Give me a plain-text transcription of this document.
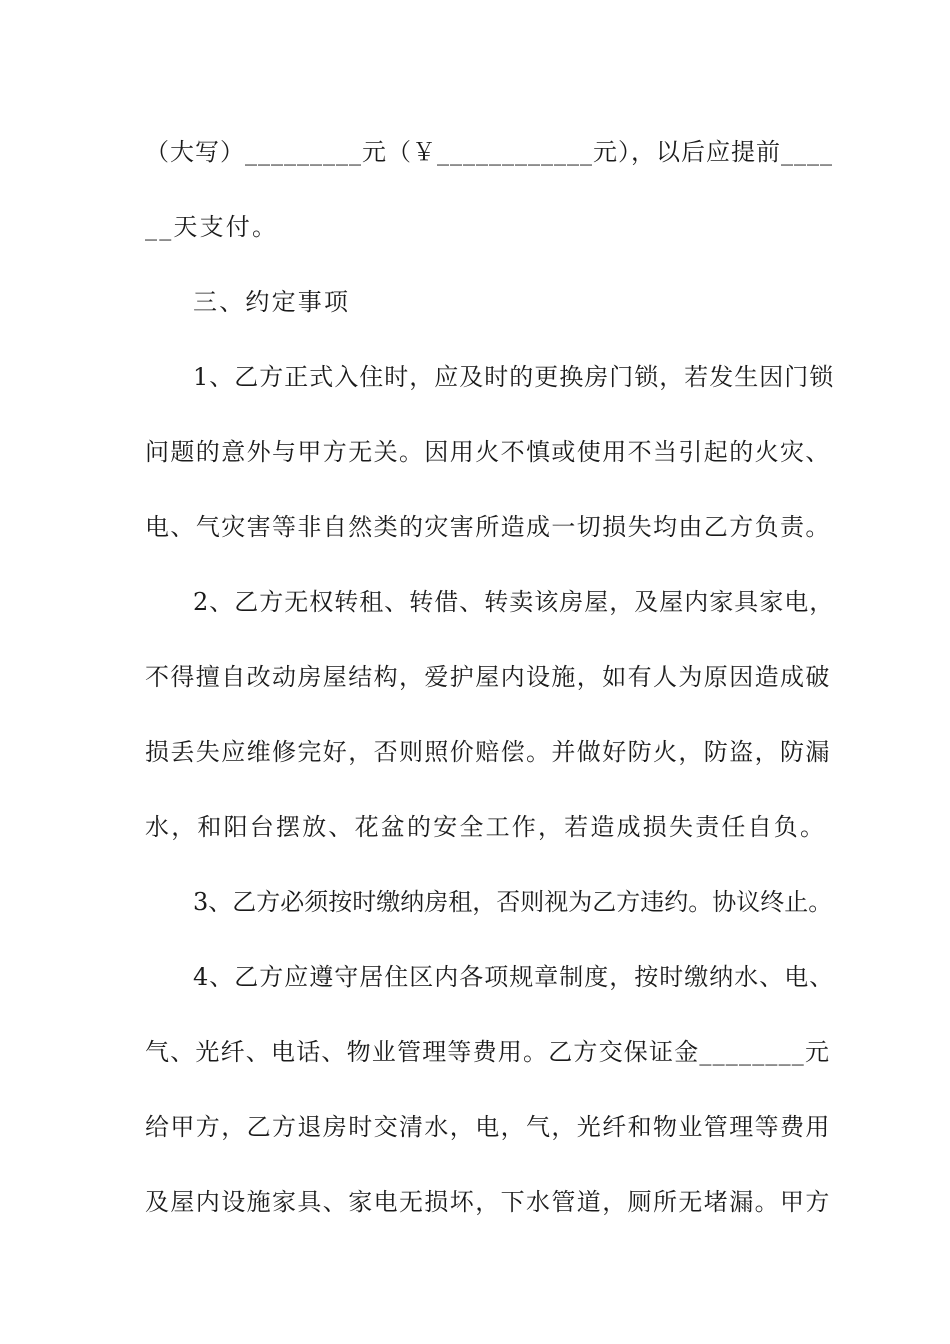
（大写）_________元（￥____________元），以后应提前____
__天支付。
三、约定事项
1、乙方正式入住时，应及时的更换房门锁，若发生因门锁
问题的意外与甲方无关。因用火不慎或使用不当引起的火灾、
电、气灾害等非自然类的灾害所造成一切损失均由乙方负责。
2、乙方无权转租、转借、转卖该房屋，及屋内家具家电，
不得擅自改动房屋结构，爱护屋内设施，如有人为原因造成破
损丢失应维修完好，否则照价赔偿。并做好防火，防盗，防漏
水，和阳台摆放、花盆的安全工作，若造成损失责任自负。
3、乙方必须按时缴纳房租，否则视为乙方违约。协议终止。
4、乙方应遵守居住区内各项规章制度，按时缴纳水、电、
气、光纤、电话、物业管理等费用。乙方交保证金________元
给甲方，乙方退房时交清水，电，气，光纤和物业管理等费用
及屋内设施家具、家电无损坏，下水管道，厕所无堵漏。甲方
